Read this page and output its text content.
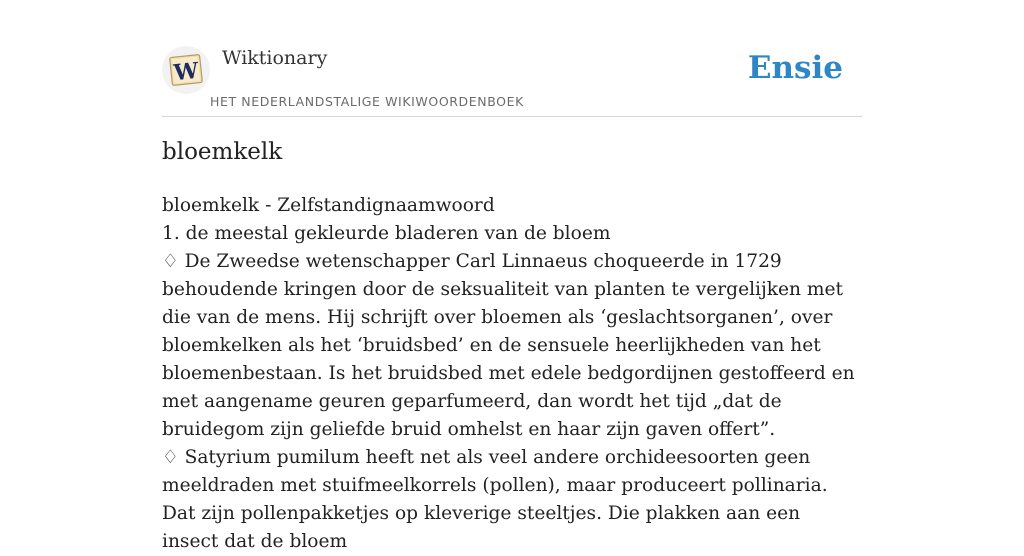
W Wiktionary
HET NEDERLANDSTALIGE WIKIWOORDENBOEK
Ensie
bloemkelk

bloemkelk - Zelfstandignaamwoord

1. de meestal gekleurde bladeren van de bloem

♢ De Zweedse wetenschapper Carl Linnaeus choqueerde in 1729 behoudende kringen door de seksualiteit van planten te vergelijken met die van de mens. Hij schrijft over bloemen als ‘geslachtsorganen’, over bloemkelken als het ‘bruidsbed’ en de sensuele heerlijkheden van het bloemenbestaan. Is het bruidsbed met edele bedgordijnen gestoffeerd en met aangename geuren geparfumeerd, dan wordt het tijd „dat de bruidegom zijn geliefde bruid omhelst en haar zijn gaven offert”.

♢ Satyrium pumilum heeft net als veel andere orchideesoorten geen meeldraden met stuifmeelkorrels (pollen), maar produceert pollinaria. Dat zijn pollenpakketjes op kleverige steeltjes. Die plakken aan een insect dat de bloem
